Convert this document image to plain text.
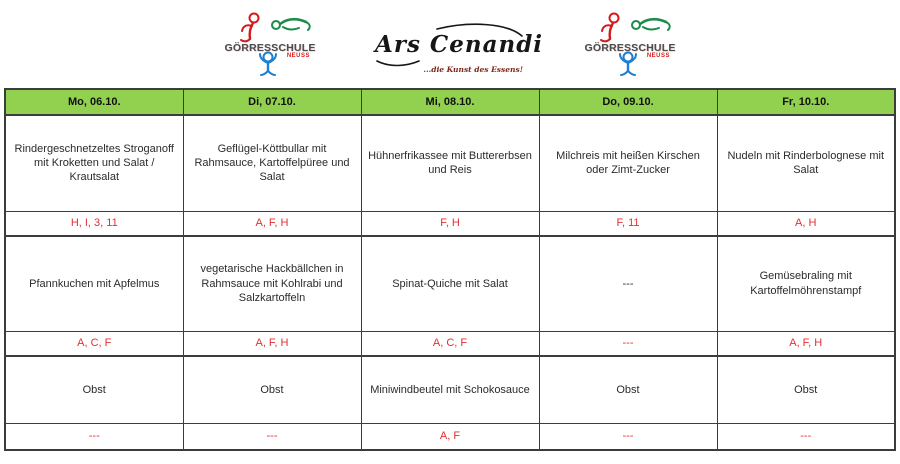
GÖRRESSCHULE
NEUSS	Ars Cenandi
...die Kunst des Essens!
GÖRRESSCHULE
NEUSS
Mo, 06.10.	Di, 07.10.	Mi, 08.10.	Do, 09.10.	Fr, 10.10.
Rindergeschnetzeltes Stroganoff mit Kroketten und Salat / Krautsalat	Geflügel-Köttbullar mit Rahmsauce, Kartoffelpüree und Salat	Hühnerfrikassee mit Buttererbsen und Reis	Milchreis mit heißen Kirschen oder Zimt-Zucker	Nudeln mit Rinderbolognese mit Salat
H, I, 3, 11	A, F, H	F, H	F, 11	A, H
Pfannkuchen mit Apfelmus	vegetarische Hackbällchen in Rahmsauce mit Kohlrabi und Salzkartoffeln	Spinat-Quiche mit Salat	---	Gemüsebraling mit Kartoffelmöhrenstampf
A, C, F	A, F, H	A, C, F	---	A, F, H
Obst	Obst	Miniwindbeutel mit Schokosauce	Obst	Obst
---	---	A, F	---	---
